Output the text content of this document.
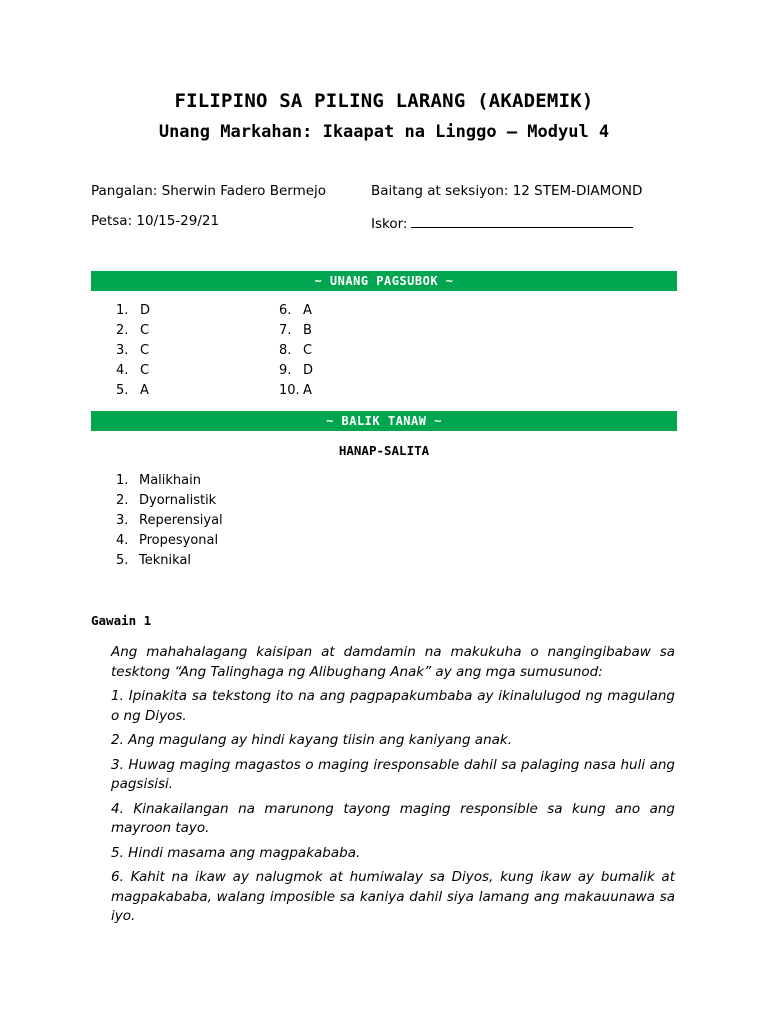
FILIPINO SA PILING LARANG (AKADEMIK)
Unang Markahan: Ikaapat na Linggo – Modyul 4
Pangalan: Sherwin Fadero Bermejo	Baitang at seksiyon: 12 STEM-DIAMOND
Petsa: 10/15-29/21	Iskor:
~ UNANG PAGSUBOK ~
1. D
2. C
3. C
4. C
5. A
6. A
7. B
8. C
9. D
10. A
~ BALIK TANAW ~
HANAP-SALITA
1. Malikhain
2. Dyornalistik
3. Reperensiyal
4. Propesyonal
5. Teknikal
Gawain 1

Ang mahahalagang kaisipan at damdamin na makukuha o nangingibabaw sa tesktong “Ang Talinghaga ng Alibughang Anak” ay ang mga sumusunod:

1. Ipinakita sa tekstong ito na ang pagpapakumbaba ay ikinalulugod ng magulang o ng Diyos.

2. Ang magulang ay hindi kayang tiisin ang kaniyang anak.

3. Huwag maging magastos o maging iresponsable dahil sa palaging nasa huli ang pagsisisi.

4. Kinakailangan na marunong tayong maging responsible sa kung ano ang mayroon tayo.

5. Hindi masama ang magpakababa.

6. Kahit na ikaw ay nalugmok at humiwalay sa Diyos, kung ikaw ay bumalik at magpakababa, walang imposible sa kaniya dahil siya lamang ang makauunawa sa iyo.
